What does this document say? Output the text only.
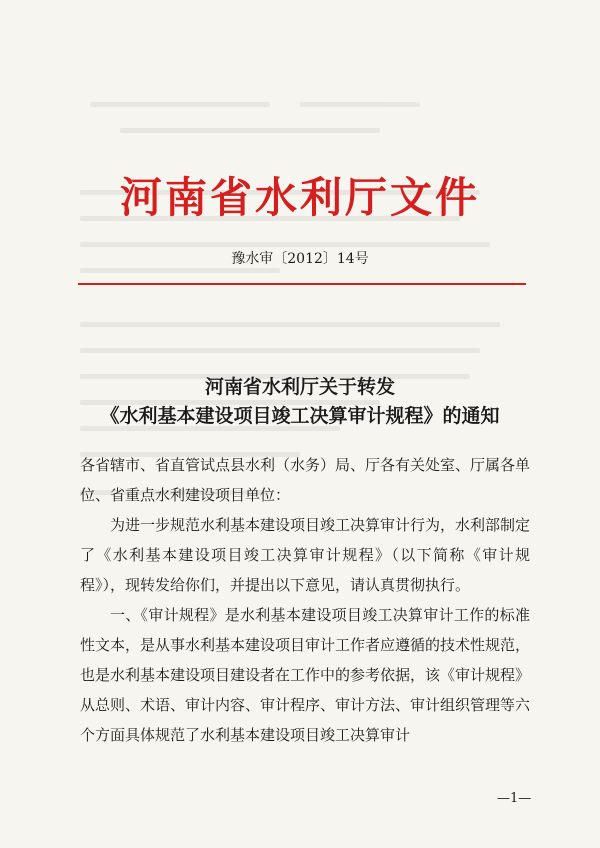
河南省水利厅文件
豫水审〔2012〕14号
河南省水利厅关于转发
《水利基本建设项目竣工决算审计规程》的通知

各省辖市、省直管试点县水利（水务）局、厅各有关处室、厅属各单位、省重点水利建设项目单位：

为进一步规范水利基本建设项目竣工决算审计行为，水利部制定了《水利基本建设项目竣工决算审计规程》（以下简称《审计规程》），现转发给你们，并提出以下意见，请认真贯彻执行。

一、《审计规程》是水利基本建设项目竣工决算审计工作的标准性文本，是从事水利基本建设项目审计工作者应遵循的技术性规范，也是水利基本建设项目建设者在工作中的参考依据，该《审计规程》从总则、术语、审计内容、审计程序、审计方法、审计组织管理等六个方面具体规范了水利基本建设项目竣工决算审计

—1—
